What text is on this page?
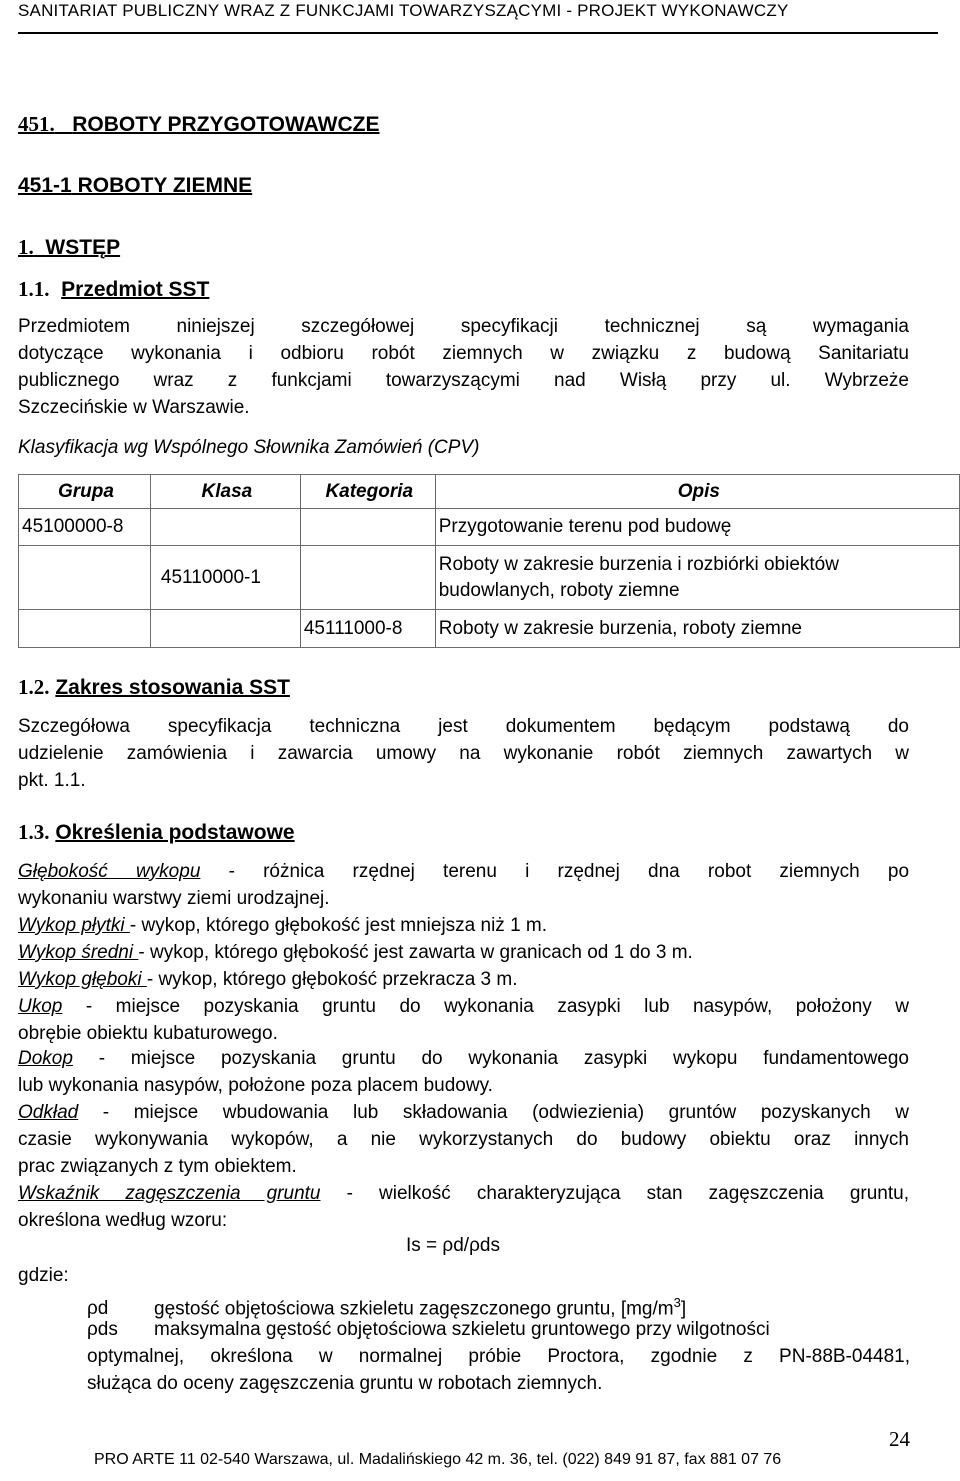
SANITARIAT PUBLICZNY WRAZ Z FUNKCJAMI TOWARZYSZĄCYMI - PROJEKT WYKONAWCZY
451. ROBOTY PRZYGOTOWAWCZE
451-1 ROBOTY ZIEMNE
1. WSTĘP
1.1. Przedmiot SST
Przedmiotem niniejszej szczegółowej specyfikacji technicznej są wymagania
dotyczące wykonania i odbioru robót ziemnych w związku z budową Sanitariatu
publicznego wraz z funkcjami towarzyszącymi nad Wisłą przy ul. Wybrzeże
Szczecińskie w Warszawie.
Klasyfikacja wg Wspólnego Słownika Zamówień (CPV)
Grupa	Klasa	Kategoria	Opis
45100000-8			Przygotowanie terenu pod budowę
	45110000-1		Roboty w zakresie burzenia i rozbiórki obiektów
budowlanych, roboty ziemne

		45111000-8	Roboty w zakresie burzenia, roboty ziemne
1.2. Zakres stosowania SST
Szczegółowa specyfikacja techniczna jest dokumentem będącym podstawą do
udzielenie zamówienia i zawarcia umowy na wykonanie robót ziemnych zawartych w
pkt. 1.1.
1.3. Określenia podstawowe
Głębokość wykopu - różnica rzędnej terenu i rzędnej dna robot ziemnych po
wykonaniu warstwy ziemi urodzajnej.
Wykop płytki - wykop, którego głębokość jest mniejsza niż 1 m.
Wykop średni - wykop, którego głębokość jest zawarta w granicach od 1 do 3 m.
Wykop głęboki - wykop, którego głębokość przekracza 3 m.
Ukop - miejsce pozyskania gruntu do wykonania zasypki lub nasypów, położony w
obrębie obiektu kubaturowego.
Dokop - miejsce pozyskania gruntu do wykonania zasypki wykopu fundamentowego
lub wykonania nasypów, położone poza placem budowy.
Odkład - miejsce wbudowania lub składowania (odwiezienia) gruntów pozyskanych w
czasie wykonywania wykopów, a nie wykorzystanych do budowy obiektu oraz innych
prac związanych z tym obiektem.
Wskaźnik zagęszczenia gruntu - wielkość charakteryzująca stan zagęszczenia gruntu,
określona według wzoru:
Is = ρd/ρds
gdzie:
ρd gęstość objętościowa szkieletu zagęszczonego gruntu, $[mg/m^3]$
ρds maksymalna gęstość objętościowa szkieletu gruntowego przy wilgotności
optymalnej, określona w normalnej próbie Proctora, zgodnie z PN-88B-04481,
służąca do oceny zagęszczenia gruntu w robotach ziemnych.
24
PRO ARTE 11 02-540 Warszawa, ul. Madalińskiego 42 m. 36, tel. (022) 849 91 87, fax 881 07 76
